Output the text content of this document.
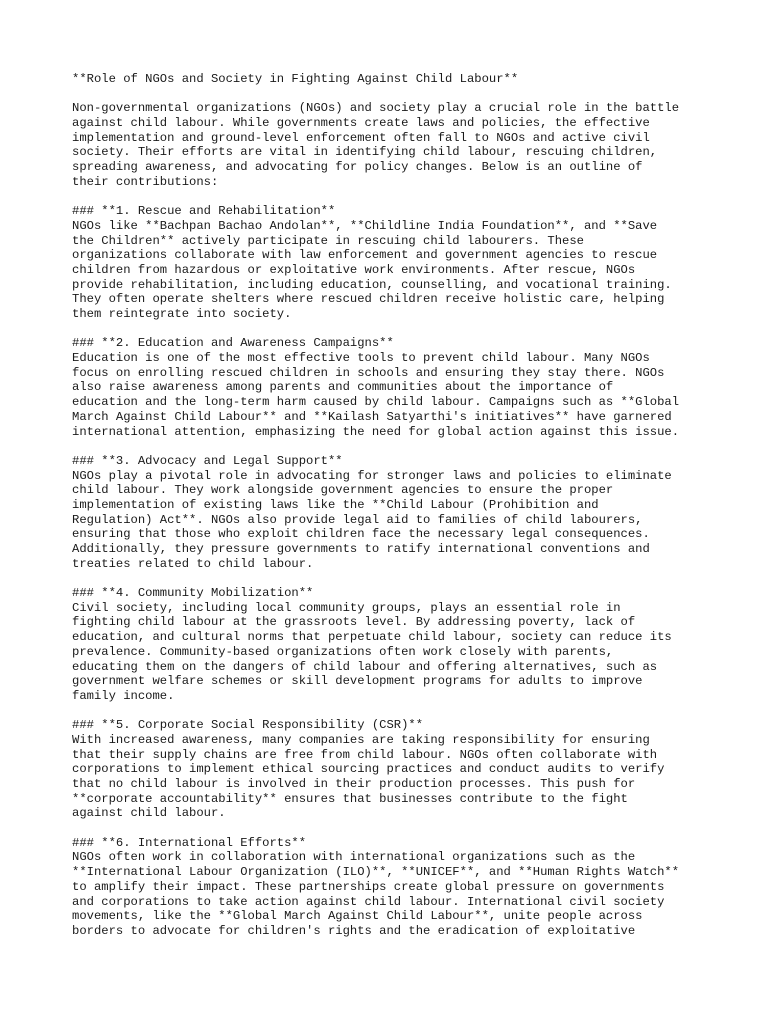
**Role of NGOs and Society in Fighting Against Child Labour**
Non-governmental organizations (NGOs) and society play a crucial role in the battle
against child labour. While governments create laws and policies, the effective
implementation and ground-level enforcement often fall to NGOs and active civil
society. Their efforts are vital in identifying child labour, rescuing children,
spreading awareness, and advocating for policy changes. Below is an outline of
their contributions:
### **1. Rescue and Rehabilitation**
NGOs like **Bachpan Bachao Andolan**, **Childline India Foundation**, and **Save
the Children** actively participate in rescuing child labourers. These
organizations collaborate with law enforcement and government agencies to rescue
children from hazardous or exploitative work environments. After rescue, NGOs
provide rehabilitation, including education, counselling, and vocational training.
They often operate shelters where rescued children receive holistic care, helping
them reintegrate into society.
### **2. Education and Awareness Campaigns**
Education is one of the most effective tools to prevent child labour. Many NGOs
focus on enrolling rescued children in schools and ensuring they stay there. NGOs
also raise awareness among parents and communities about the importance of
education and the long-term harm caused by child labour. Campaigns such as **Global
March Against Child Labour** and **Kailash Satyarthi's initiatives** have garnered
international attention, emphasizing the need for global action against this issue.
### **3. Advocacy and Legal Support**
NGOs play a pivotal role in advocating for stronger laws and policies to eliminate
child labour. They work alongside government agencies to ensure the proper
implementation of existing laws like the **Child Labour (Prohibition and
Regulation) Act**. NGOs also provide legal aid to families of child labourers,
ensuring that those who exploit children face the necessary legal consequences.
Additionally, they pressure governments to ratify international conventions and
treaties related to child labour.
### **4. Community Mobilization**
Civil society, including local community groups, plays an essential role in
fighting child labour at the grassroots level. By addressing poverty, lack of
education, and cultural norms that perpetuate child labour, society can reduce its
prevalence. Community-based organizations often work closely with parents,
educating them on the dangers of child labour and offering alternatives, such as
government welfare schemes or skill development programs for adults to improve
family income.
### **5. Corporate Social Responsibility (CSR)**
With increased awareness, many companies are taking responsibility for ensuring
that their supply chains are free from child labour. NGOs often collaborate with
corporations to implement ethical sourcing practices and conduct audits to verify
that no child labour is involved in their production processes. This push for
**corporate accountability** ensures that businesses contribute to the fight
against child labour.
### **6. International Efforts**
NGOs often work in collaboration with international organizations such as the
**International Labour Organization (ILO)**, **UNICEF**, and **Human Rights Watch**
to amplify their impact. These partnerships create global pressure on governments
and corporations to take action against child labour. International civil society
movements, like the **Global March Against Child Labour**, unite people across
borders to advocate for children's rights and the eradication of exploitative
